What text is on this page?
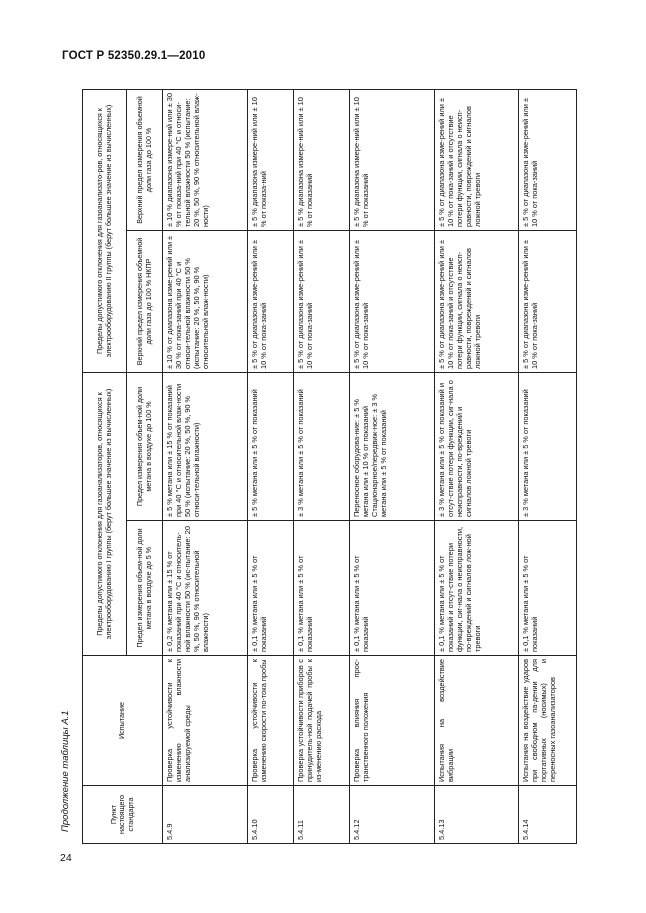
ГОСТ Р 52350.29.1—2010
Продолжение таблицы А.1
24
Пункт настоящего стандарта	Испытание	Пределы допустимого отклонения для газоанализаторов, относящихся к электрооборудованию I группы (берут большее значение из вычисленных)		Пределы допустимого отклонения для газоанализато-ров, относящихся к электрооборудованию II группы (берут большее значение из вычисленных)	
		Предел измерения объем-ной доли метана в воздухе до 5 %	Предел измерения объем-ной доли метана в воздухе до 100 %	Верхний предел измерения объемной доли газа до 100 % НКПР	Верхний предел измерения объемной доли газа до 100 %
5.4.9	Проверка устойчивости к изменению влажности анализируемой среды	± 0,2 % метана или ± 15 % от показаний при 40 °С и относитель-ной влажности 50 % (ис-пытание: 20 %, 50 %, 90 % относительной влажности)	± 5 % метана или ± 15 % от показаний при 40 °С и относительной влаж-ности 50 % (испытание: 20 %, 50 %, 90 % относи-тельной влажности)	± 10 % от диапазона изме-рений или ± 30 % от пока-заний при 40 °С и относи-тельной влажности 50 % (испытание: 20 %, 50 %, 90 % относительной влаж-ности)	± 10 % диапазона измере-ний или ± 30 % от показа-ний при 40 °С и относи-тельной влажности 50 % (испытание: 20 %, 50 %, 90 % относительной влаж-ности)
5.4.10	Проверка устойчивости к изменению скорости по-тока пробы	± 0,1 % метана или ± 5 % от показаний	± 5 % метана или ± 5 % от показаний	± 5 % от диапазона изме-рений или ± 10 % от пока-заний	± 5 % диапазона измере-ний или ± 10 % от показа-ний
5.4.11	Проверка устойчивости приборов с принудитель-ной подачей пробы к из-менению расхода	± 0,1 % метана или ± 5 % от показаний	± 3 % метана или ± 5 % от показаний	± 5 % от диапазона изме-рений или ± 10 % от пока-заний	± 5 % диапазона измере-ний или ± 10 % от показаний
5.4.12	Проверка влияния прос-транственного положения	± 0,1 % метана или ± 5 % от показаний	Переносное оборудова-ние: ± 5 % метана или ± 10 % от показаний Стационарное/передвиж-ное: ± 3 % метана или ± 5 % от показаний	± 5 % от диапазона изме-рений или ± 10 % от пока-заний	± 5 % диапазона измере-ний или ± 10 % от показаний
5.4.13	Испытания на воздействие вибрации	± 0,1 % метана или ± 5 % от показаний и отсут-ствие потери функции, сиг-нала о неисправности, по-вреждений и сигналов лож-ной тревоги	± 3 % метана или ± 5 % от показаний и отсут-ствие потери функции, сиг-нала о неисправности, по-вреждений и сигналов ложной тревоги	± 5 % от диапазона изме-рений или ± 10 % от пока-заний и отсутствие потери функции, сигнала о неисп-равности, повреждений и сигналов ложной тревоги	± 5 % от диапазона изме-рений или ± 10 % от пока-заний и отсутствие потери функции, сигнала о неисп-равности, повреждений и сигналов ложной тревоги
5.4.14	Испытания на воздействие ударов при свободном па-дении для портативных (носимых) и переносных газоанализаторов	± 0,1 % метана или ± 5 % от показаний	± 3 % метана или ± 5 % от показаний	± 5 % от диапазона изме-рений или ± 10 % от пока-заний	± 5 % от диапазона изме-рений или ± 10 % от пока-заний
